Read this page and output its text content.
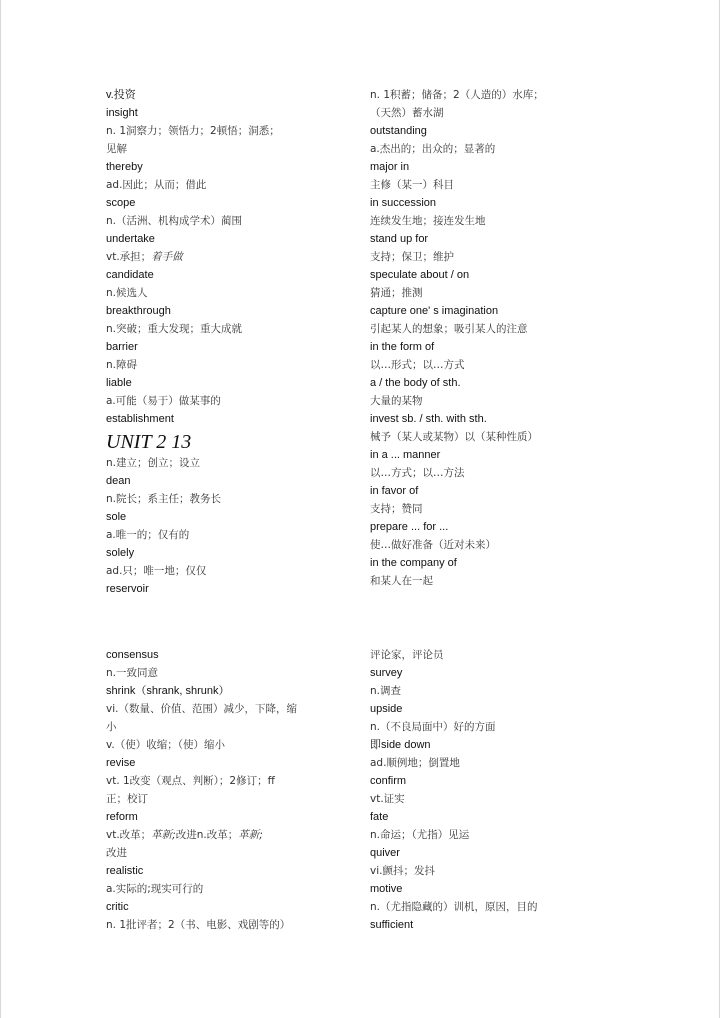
v.投资
insight
n. 1洞察力；领悟力；2顿悟；洞悉；
见解
thereby
ad.因此；从而；借此
scope
n.（活洲、机构成学术）蔺围
undertake
vt.承担；着手做
candidate
n.候选人
breakthrough
n.突破；重大发现；重大成就
barrier
n.障碍
liable
a.可能（易于）做某事的
establishment
UNIT 2 13
n.建立；创立；设立
dean
n.院长；系主任；教务长
sole
a.唯一的；仅有的
solely
ad.只；唯一地；仅仅
reservoir
n. 1积蓄；储备；2（人造的）水库；
（天然）蓄水湖
outstanding
a.杰出的；出众的；显著的
major in
主修（某一）科目
in succession
连续发生地；接连发生地
stand up for
支持；保卫；维护
speculate about / on
猜通；推测
capture one' s imagination
引起某人的想象；吸引某人的注意
in the form of
以…形式；以…方式
a / the body of sth.
大量的某物
invest sb. / sth. with sth.
械予（某人或某物）以（某种性质）
in a ... manner
以…方式；以…方法
in favor of
支持；赞同
prepare ... for ...
使…做好准备（近对未来）
in the company of
和某人在一起
consensus
n.一致同意
shrink（shrank, shrunk）
vi.（数量、价值、范围）减少，下降，缩
小
v.（使）收缩；（使）缩小
revise
vt. 1改变（观点、判断）；2修订；ff
正；校订
reform
vt.改革；革新;改进n.改革；革新;
改进
realistic
a.实际的;现实可行的
critic
n. 1批评者；2（书、电影、戏剧等的）
评论家，评论员
survey
n.调查
upside
n.（不良局面中）好的方面
即side down
ad.顺例地；倒置地
confirm
vt.证实
fate
n.命运；（尤指）见运
quiver
vi.颤抖；发抖
motive
n.（尤指隐藏的）训机，原因，目的
sufficient
